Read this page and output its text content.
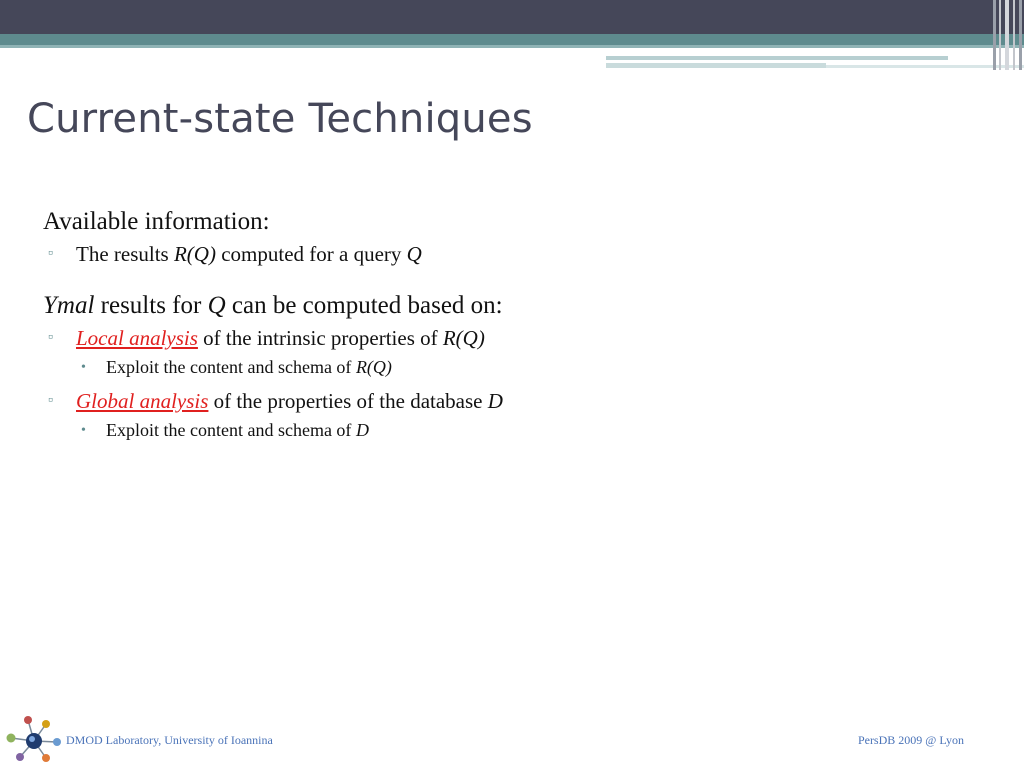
Current-state Techniques
Available information:
▫ The results R(Q) computed for a query Q
Ymal results for Q can be computed based on:
▫ Local analysis of the intrinsic properties of R(Q)
• Exploit the content and schema of R(Q)
▫ Global analysis of the properties of the database D
• Exploit the content and schema of D
DMOD Laboratory, University of Ioannina	PersDB 2009 @ Lyon
